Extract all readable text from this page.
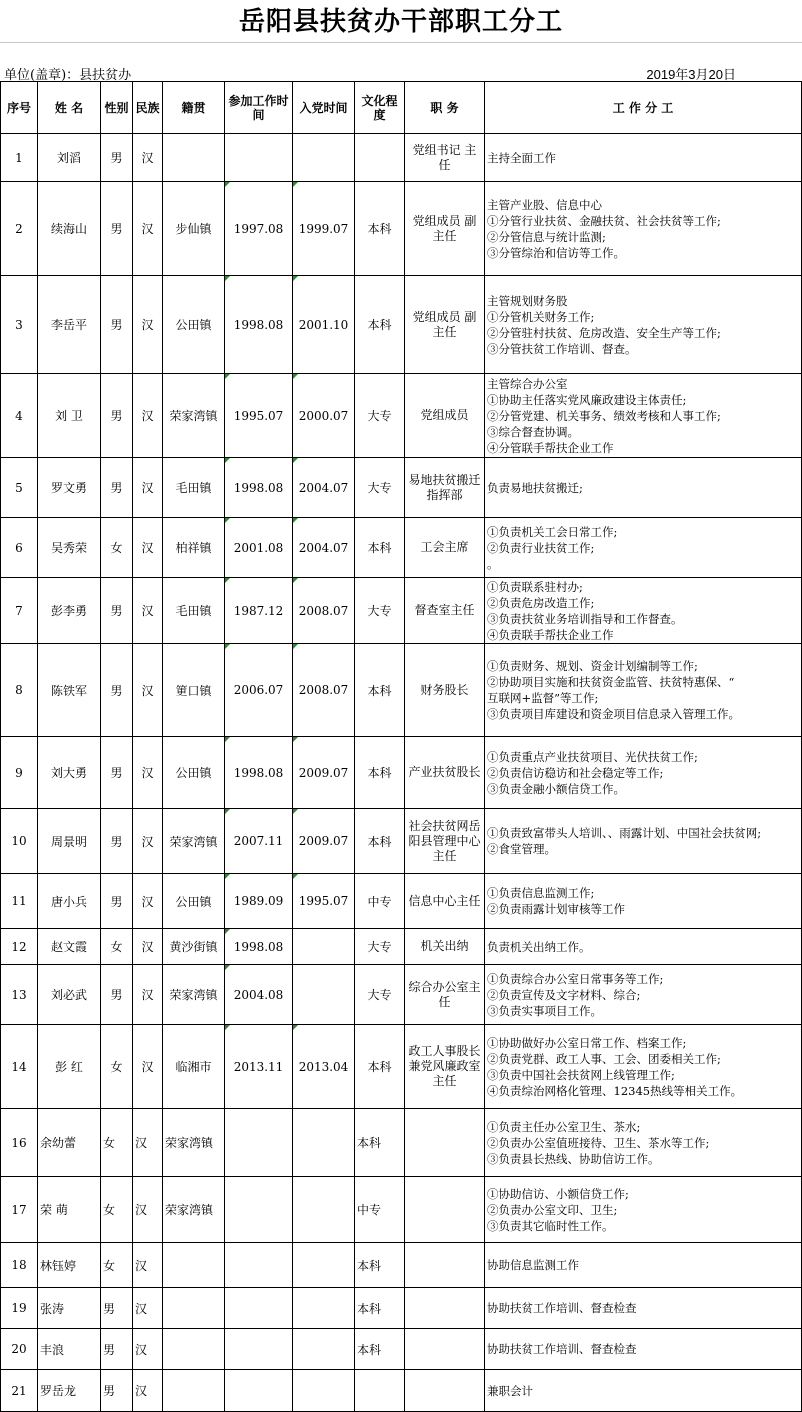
岳阳县扶贫办干部职工分工
单位(盖章)：县扶贫办	2019年3月20日
序号	姓 名	性别	民族	籍贯	参加工作时间	入党时间	文化程度	职 务	工 作 分 工
1	刘滔	男	汉					党组书记 主 任	主持全面工作

2	续海山	男	汉	步仙镇	1997.08	1999.07	本科	党组成员 副主任	主管产业股、信息中心
①分管行业扶贫、金融扶贫、社会扶贫等工作;
②分管信息与统计监测;
③分管综治和信访等工作。

3	李岳平	男	汉	公田镇	1998.08	2001.10	本科	党组成员 副主任	主管规划财务股
①分管机关财务工作;
②分管驻村扶贫、危房改造、安全生产等工作;
③分管扶贫工作培训、督查。

4	刘 卫	男	汉	荣家湾镇	1995.07	2000.07	大专	党组成员	主管综合办公室
①协助主任落实党风廉政建设主体责任;
②分管党建、机关事务、绩效考核和人事工作;
③综合督查协调。
④分管联手帮扶企业工作

5	罗文勇	男	汉	毛田镇	1998.08	2004.07	大专	易地扶贫搬迁指挥部	负责易地扶贫搬迁;

6	吴秀荣	女	汉	柏祥镇	2001.08	2004.07	本科	工会主席	①负责机关工会日常工作;
②负责行业扶贫工作;
。

7	彭李勇	男	汉	毛田镇	1987.12	2008.07	大专	督查室主任	①负责联系驻村办;
②负责危房改造工作;
③负责扶贫业务培训指导和工作督查。
④负责联手帮扶企业工作

8	陈铁军	男	汉	筻口镇	2006.07	2008.07	本科	财务股长	①负责财务、规划、资金计划编制等工作;
②协助项目实施和扶贫资金监管、扶贫特惠保、“
互联网+监督”等工作;
③负责项目库建设和资金项目信息录入管理工作。

9	刘大勇	男	汉	公田镇	1998.08	2009.07	本科	产业扶贫股长	①负责重点产业扶贫项目、光伏扶贫工作;
②负责信访稳访和社会稳定等工作;
③负责金融小额信贷工作。

10	周景明	男	汉	荣家湾镇	2007.11	2009.07	本科	社会扶贫网岳阳县管理中心主任	①负责致富带头人培训、、雨露计划、中国社会扶贫网;
②食堂管理。

11	唐小兵	男	汉	公田镇	1989.09	1995.07	中专	信息中心主任	①负责信息监测工作;
②负责雨露计划审核等工作

12	赵文霞	女	汉	黄沙街镇	1998.08		大专	机关出纳	负责机关出纳工作。

13	刘必武	男	汉	荣家湾镇	2004.08		大专	综合办公室主任	①负责综合办公室日常事务等工作;
②负责宣传及文字材料、综合;
③负责实事项目工作。

14	彭 红	女	汉	临湘市	2013.11	2013.04	本科	政工人事股长兼党风廉政室主任	①协助做好办公室日常工作、档案工作;
②负责党群、政工人事、工会、团委相关工作;
③负责中国社会扶贫网上线管理工作;
④负责综治网格化管理、12345热线等相关工作。

16	余幼蕾	女	汉	荣家湾镇			本科		①负责主任办公室卫生、茶水;
②负责办公室值班接待、卫生、茶水等工作;
③负责县长热线、协助信访工作。

17	荣 萌	女	汉	荣家湾镇			中专		①协助信访、小额信贷工作;
②负责办公室文印、卫生;
③负责其它临时性工作。

18	林钰婷	女	汉				本科		协助信息监测工作

19	张涛	男	汉				本科		协助扶贫工作培训、督查检查

20	丰浪	男	汉				本科		协助扶贫工作培训、督查检查

21	罗岳龙	男	汉						兼职会计
